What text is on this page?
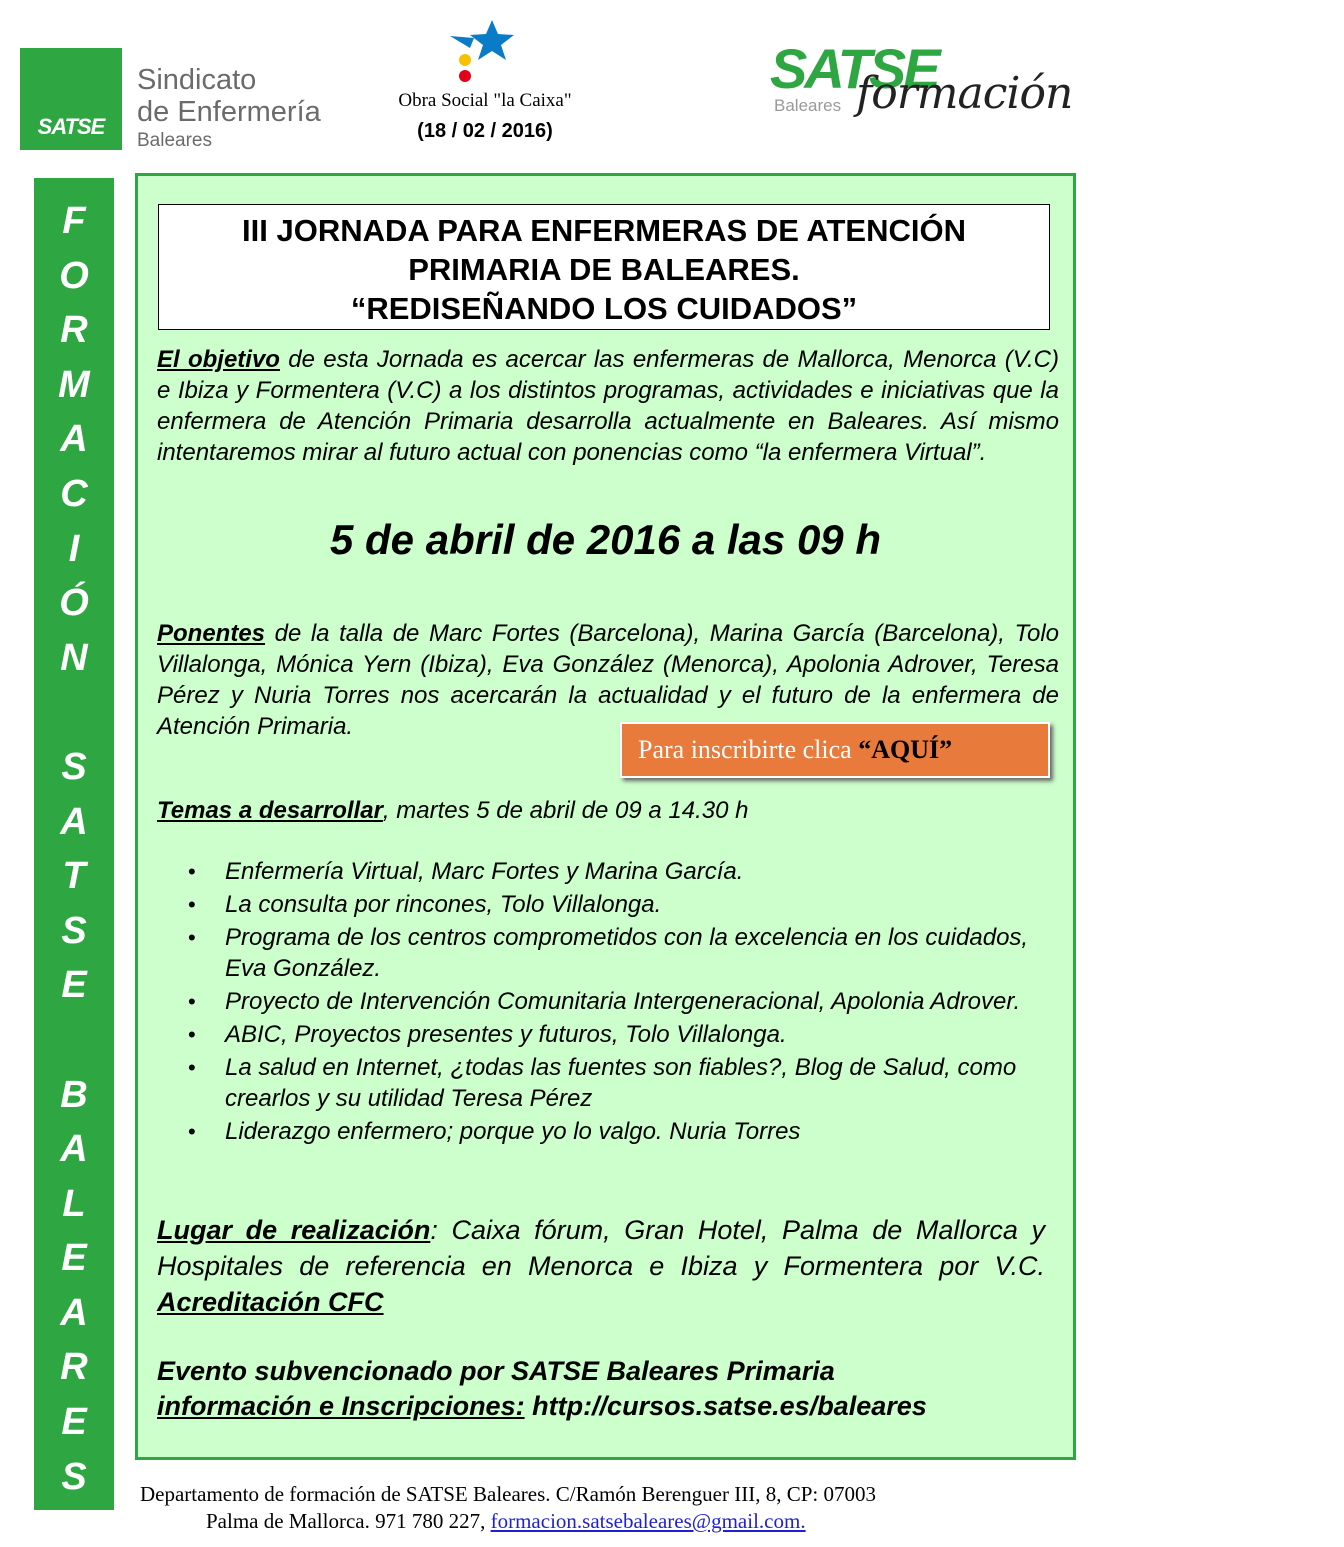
SATSE
Sindicato
de Enfermería
Baleares
Obra Social "la Caixa"
(18 / 02 / 2016)
SATSE
Baleares formación
F
O
R
M
A
C
I
Ó
N
S
A
T
S
E
B
A
L
E
A
R
E
S
III JORNADA PARA ENFERMERAS DE ATENCIÓN
PRIMARIA DE BALEARES.
“REDISEÑANDO LOS CUIDADOS”
El objetivo de esta Jornada es acercar las enfermeras de Mallorca, Menorca (V.C) e Ibiza y Formentera (V.C) a los distintos programas, actividades e iniciativas que la enfermera de Atención Primaria desarrolla actualmente en Baleares. Así mismo intentaremos mirar al futuro actual con ponencias como “la enfermera Virtual”.
5 de abril de 2016 a las 09 h
Ponentes de la talla de Marc Fortes (Barcelona), Marina García (Barcelona), Tolo Villalonga, Mónica Yern (Ibiza), Eva González (Menorca), Apolonia Adrover, Teresa Pérez y Nuria Torres nos acercarán la actualidad y el futuro de la enfermera de Atención Primaria.
Para inscribirte clica “AQUÍ”
Temas a desarrollar, martes 5 de abril de 09 a 14.30 h
• Enfermería Virtual, Marc Fortes y Marina García.
• La consulta por rincones, Tolo Villalonga.
• Programa de los centros comprometidos con la excelencia en los cuidados, Eva González.
• Proyecto de Intervención Comunitaria Intergeneracional, Apolonia Adrover.
• ABIC, Proyectos presentes y futuros, Tolo Villalonga.
• La salud en Internet, ¿todas las fuentes son fiables?, Blog de Salud, como crearlos y su utilidad Teresa Pérez
• Liderazgo enfermero; porque yo lo valgo. Nuria Torres
Lugar de realización: Caixa fórum, Gran Hotel, Palma de Mallorca y Hospitales de referencia en Menorca e Ibiza y Formentera por V.C. Acreditación CFC
Evento subvencionado por SATSE Baleares Primaria
información e Inscripciones: http://cursos.satse.es/baleares
Departamento de formación de SATSE Baleares. C/Ramón Berenguer III, 8, CP: 07003
Palma de Mallorca. 971 780 227, formacion.satsebaleares@gmail.com.
